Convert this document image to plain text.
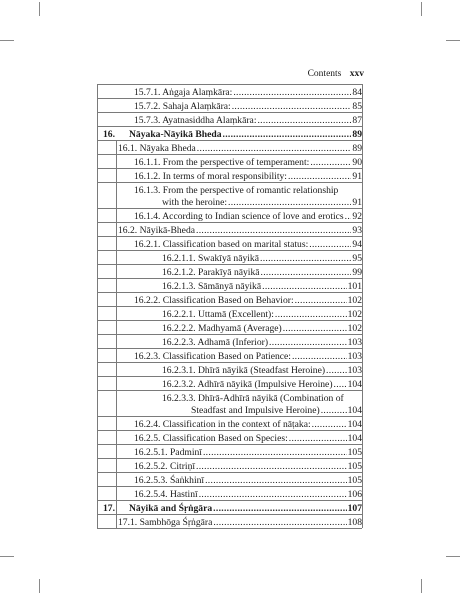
Contents xxv
15.7.1. Aṅgaja Alaṃkāra: .....	84
15.7.2. Sahaja Alaṃkāra: .....	85
15.7.3. Ayatnasiddha Alaṃkāra: .....	87
16. Nāyaka-Nāyikā Bheda .....	89
16.1. Nāyaka Bheda .....	89
16.1.1. From the perspective of temperament: .....	90
16.1.2. In terms of moral responsibility: .....	91
16.1.3. From the perspective of romantic relationship
with the heroine: .....	91
16.1.4. According to Indian science of love and erotics ..... 92
16.2. Nāyikā-Bheda .....	93
16.2.1. Classification based on marital status: .....	94
16.2.1.1. Swakīyā nāyikā .....	95
16.2.1.2. Parakīyā nāyikā .....	99
16.2.1.3. Sāmānyā nāyikā .....	101
16.2.2. Classification Based on Behavior: .....	102
16.2.2.1. Uttamā (Excellent): .....	102
16.2.2.2. Madhyamā (Average) .....	102
16.2.2.3. Adhamā (Inferior) .....	103
16.2.3. Classification Based on Patience: .....	103
16.2.3.1. Dhīrā nāyikā (Steadfast Heroine) ..... 103
16.2.3.2. Adhīrā nāyikā (Impulsive Heroine) ..... 104
16.2.3.3. Dhīrā-Adhīrā nāyikā (Combination of
Steadfast and Impulsive Heroine) .....	104
16.2.4. Classification in the context of nāṭaka: .....	104
16.2.5. Classification Based on Species: .....	104
16.2.5.1. Padminī .....	105
16.2.5.2. Citriṇī .....	105
16.2.5.3. Śaṅkhinī .....	105
16.2.5.4. Hastinī .....	106
17. Nāyikā and Śṛṅgāra .....	107
17.1. Sambhōga Śṛṅgāra .....	108
